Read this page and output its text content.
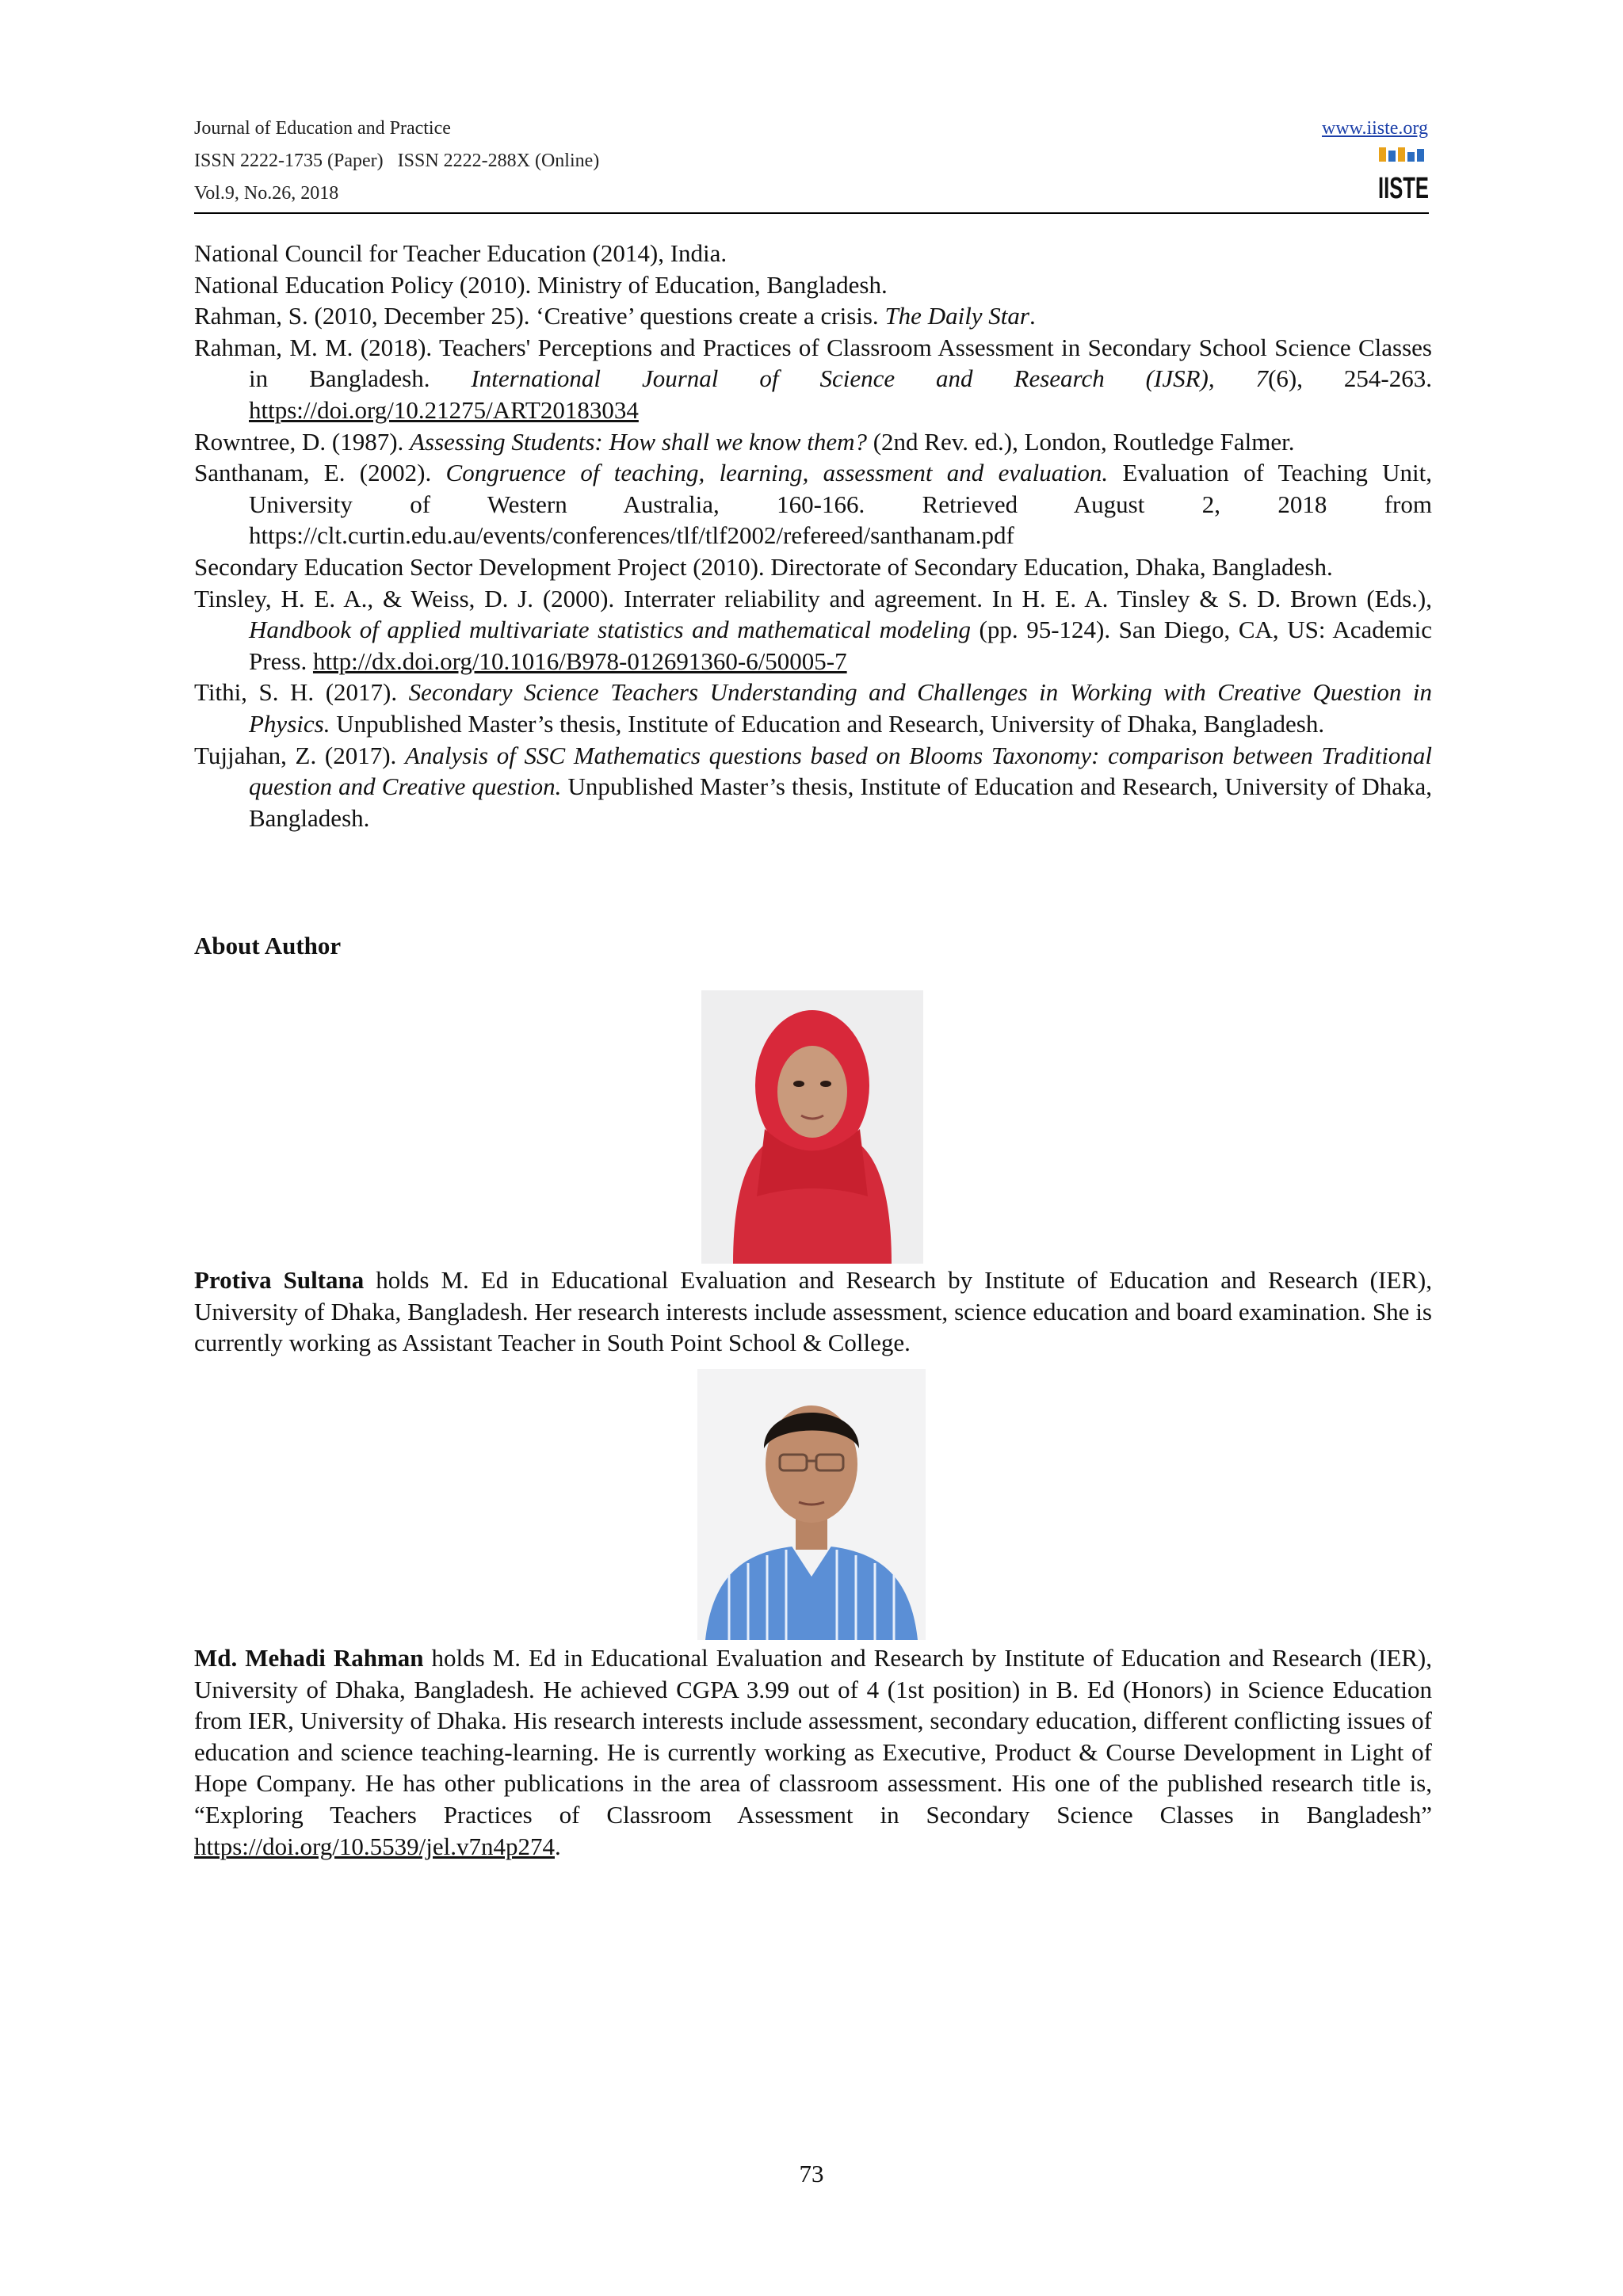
Journal of Education and Practice
ISSN 2222-1735 (Paper)   ISSN 2222-288X (Online)
Vol.9, No.26, 2018
www.iiste.org
IISTE

National Council for Teacher Education (2014), India.

National Education Policy (2010). Ministry of Education, Bangladesh.

Rahman, S. (2010, December 25). ‘Creative’ questions create a crisis. The Daily Star.

Rahman, M. M. (2018). Teachers' Perceptions and Practices of Classroom Assessment in Secondary School Science Classes in Bangladesh. International Journal of Science and Research (IJSR), 7(6), 254-263. https://doi.org/10.21275/ART20183034

Rowntree, D. (1987). Assessing Students: How shall we know them? (2nd Rev. ed.), London, Routledge Falmer.

Santhanam, E. (2002). Congruence of teaching, learning, assessment and evaluation. Evaluation of Teaching Unit, University of Western Australia, 160-166. Retrieved August 2, 2018 from https://clt.curtin.edu.au/events/conferences/tlf/tlf2002/refereed/santhanam.pdf

Secondary Education Sector Development Project (2010). Directorate of Secondary Education, Dhaka, Bangladesh.

Tinsley, H. E. A., & Weiss, D. J. (2000). Interrater reliability and agreement. In H. E. A. Tinsley & S. D. Brown (Eds.), Handbook of applied multivariate statistics and mathematical modeling (pp. 95-124). San Diego, CA, US: Academic Press. http://dx.doi.org/10.1016/B978-012691360-6/50005-7

Tithi, S. H. (2017). Secondary Science Teachers Understanding and Challenges in Working with Creative Question in Physics. Unpublished Master’s thesis, Institute of Education and Research, University of Dhaka, Bangladesh.

Tujjahan, Z. (2017). Analysis of SSC Mathematics questions based on Blooms Taxonomy: comparison between Traditional question and Creative question. Unpublished Master’s thesis, Institute of Education and Research, University of Dhaka, Bangladesh.

About Author

Protiva Sultana holds M. Ed in Educational Evaluation and Research by Institute of Education and Research (IER), University of Dhaka, Bangladesh. Her research interests include assessment, science education and board examination. She is currently working as Assistant Teacher in South Point School & College.

Md. Mehadi Rahman holds M. Ed in Educational Evaluation and Research by Institute of Education and Research (IER), University of Dhaka, Bangladesh. He achieved CGPA 3.99 out of 4 (1st position) in B. Ed (Honors) in Science Education from IER, University of Dhaka. His research interests include assessment, secondary education, different conflicting issues of education and science teaching-learning. He is currently working as Executive, Product & Course Development in Light of Hope Company. He has other publications in the area of classroom assessment. His one of the published research title is, “Exploring Teachers Practices of Classroom Assessment in Secondary Science Classes in Bangladesh” https://doi.org/10.5539/jel.v7n4p274.

73
